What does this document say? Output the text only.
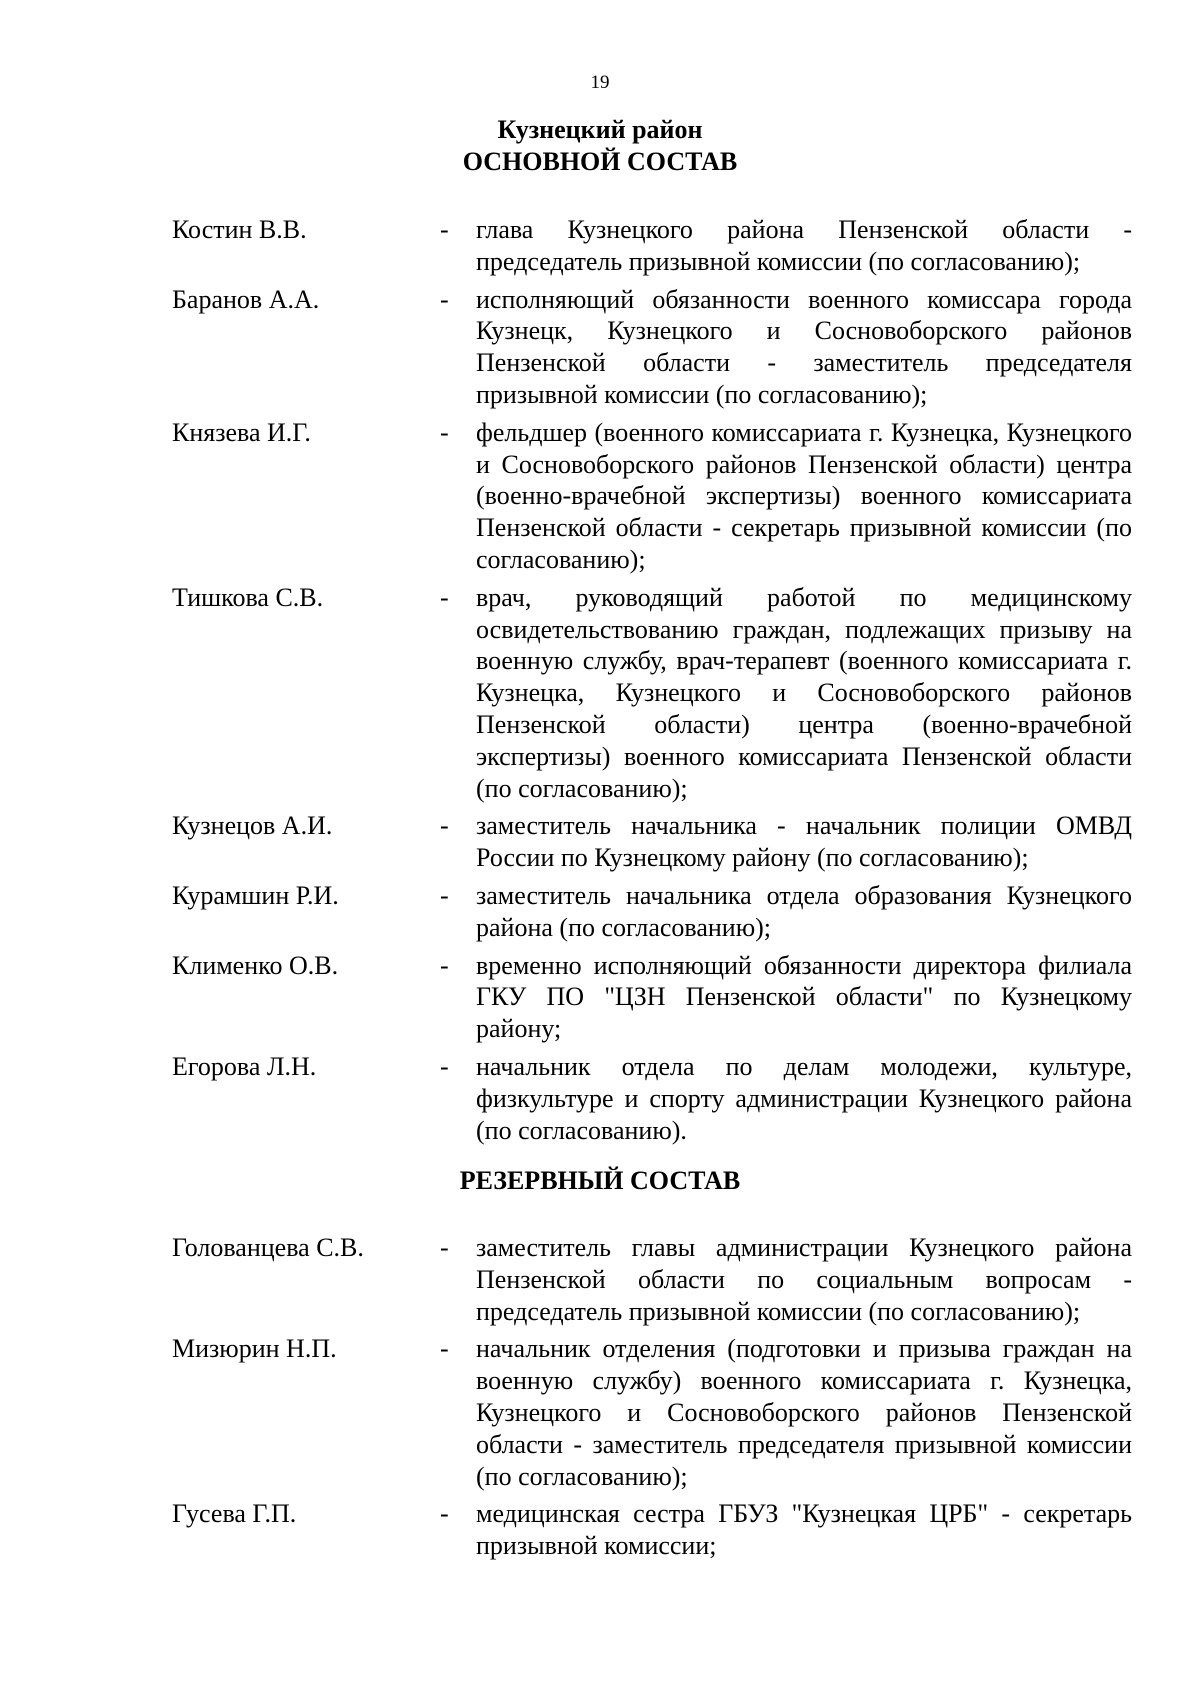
19
Кузнецкий район
ОСНОВНОЙ СОСТАВ
Костин В.В.	- глава Кузнецкого района Пензенской области - председатель призывной комиссии (по согласованию);
Баранов А.А.	- исполняющий обязанности военного комиссара города Кузнецк, Кузнецкого и Сосновоборского районов Пензенской области - заместитель председателя призывной комиссии (по согласованию);
Князева И.Г.	- фельдшер (военного комиссариата г. Кузнецка, Кузнецкого и Сосновоборского районов Пензенской области) центра (военно-врачебной экспертизы) военного комиссариата Пензенской области - секретарь призывной комиссии (по согласованию);
Тишкова С.В.	- врач, руководящий работой по медицинскому освидетельствованию граждан, подлежащих призыву на военную службу, врач-терапевт (военного комиссариата г. Кузнецка, Кузнецкого и Сосновоборского районов Пензенской области) центра (военно-врачебной экспертизы) военного комиссариата Пензенской области (по согласованию);
Кузнецов А.И.	- заместитель начальника - начальник полиции ОМВД России по Кузнецкому району (по согласованию);
Курамшин Р.И.	- заместитель начальника отдела образования Кузнецкого района (по согласованию);
Клименко О.В.	- временно исполняющий обязанности директора филиала ГКУ ПО "ЦЗН Пензенской области" по Кузнецкому району;
Егорова Л.Н.	- начальник отдела по делам молодежи, культуре, физкультуре и спорту администрации Кузнецкого района (по согласованию).
РЕЗЕРВНЫЙ СОСТАВ
Голованцева С.В.	- заместитель главы администрации Кузнецкого района Пензенской области по социальным вопросам - председатель призывной комиссии (по согласованию);
Мизюрин Н.П.	- начальник отделения (подготовки и призыва граждан на военную службу) военного комиссариата г. Кузнецка, Кузнецкого и Сосновоборского районов Пензенской области - заместитель председателя призывной комиссии (по согласованию);
Гусева Г.П.	- медицинская сестра ГБУЗ "Кузнецкая ЦРБ" - секретарь призывной комиссии;
